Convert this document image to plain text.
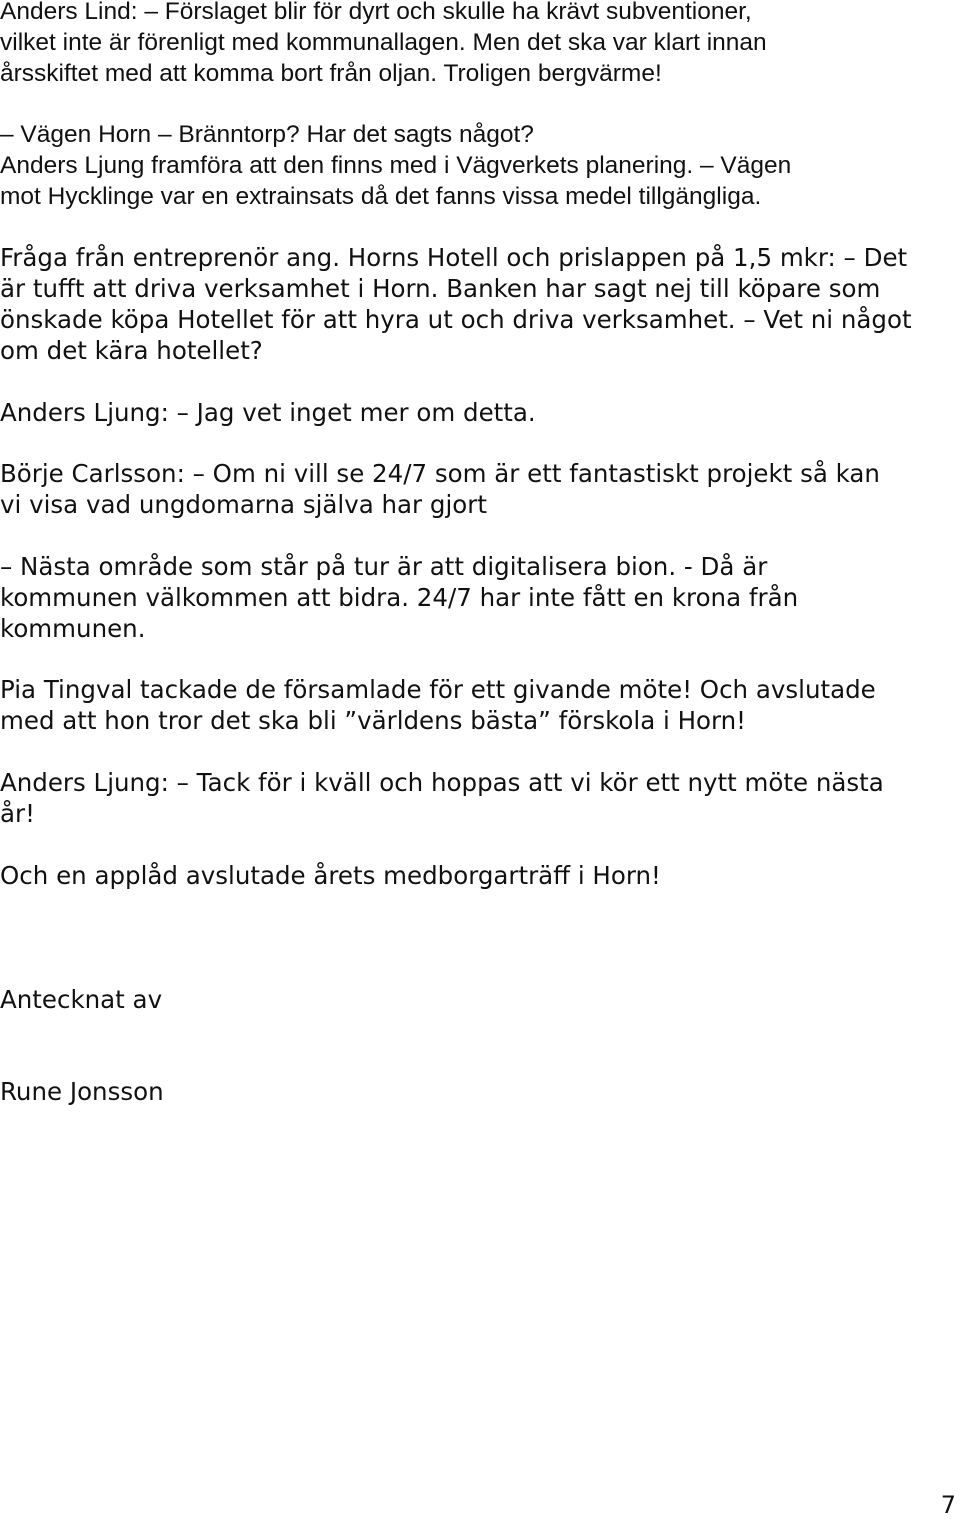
Anders Lind: – Förslaget blir för dyrt och skulle ha krävt subventioner,
vilket inte är förenligt med kommunallagen. Men det ska var klart innan
årsskiftet med att komma bort från oljan. Troligen bergvärme!
– Vägen Horn – Bränntorp? Har det sagts något?
Anders Ljung framföra att den finns med i Vägverkets planering. – Vägen
mot Hycklinge var en extrainsats då det fanns vissa medel tillgängliga.
Fråga från entreprenör ang. Horns Hotell och prislappen på 1,5 mkr: – Det
är tufft att driva verksamhet i Horn. Banken har sagt nej till köpare som
önskade köpa Hotellet för att hyra ut och driva verksamhet. – Vet ni något
om det kära hotellet?
Anders Ljung: – Jag vet inget mer om detta.
Börje Carlsson: – Om ni vill se 24/7 som är ett fantastiskt projekt så kan
vi visa vad ungdomarna själva har gjort
– Nästa område som står på tur är att digitalisera bion. - Då är
kommunen välkommen att bidra. 24/7 har inte fått en krona från
kommunen.
Pia Tingval tackade de församlade för ett givande möte! Och avslutade
med att hon tror det ska bli ”världens bästa” förskola i Horn!
Anders Ljung: – Tack för i kväll och hoppas att vi kör ett nytt möte nästa
år!
Och en applåd avslutade årets medborgarträff i Horn!
Antecknat av
Rune Jonsson
7
